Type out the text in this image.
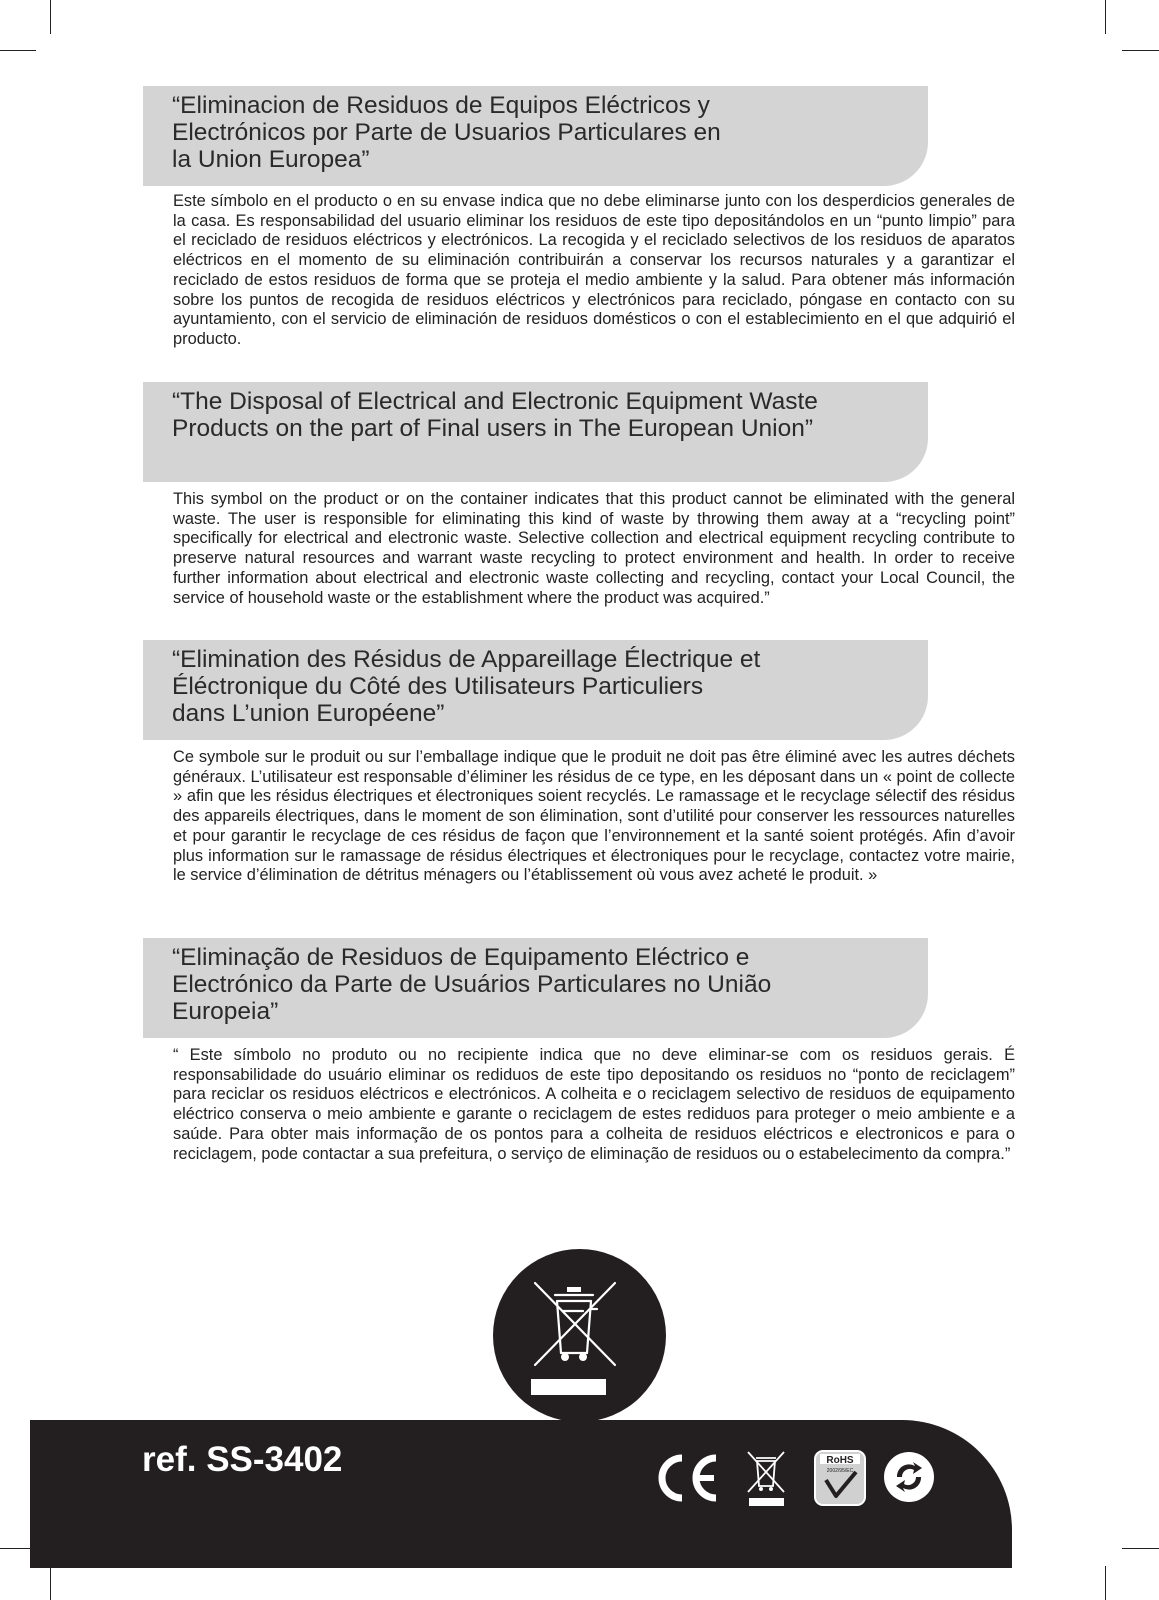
“Eliminacion de Residuos de Equipos Eléctricos y
Electrónicos por Parte de Usuarios Particulares en
la Union Europea”

Este símbolo en el producto o en su envase indica que no debe eliminarse junto con los desperdicios generales de la casa. Es responsabilidad del usuario eliminar los residuos de este tipo depositándolos en un “punto limpio” para el reciclado de residuos eléctricos y electrónicos. La recogida y el reciclado selectivos de los residuos de aparatos eléctricos en el momento de su eliminación contribuirán a conservar los recursos naturales y a garantizar el reciclado de estos residuos de forma que se proteja el medio ambiente y la salud. Para obtener más información sobre los puntos de recogida de residuos eléctricos y electrónicos para reciclado, póngase en contacto con su ayuntamiento, con el servicio de eliminación de residuos domésticos o con el establecimiento en el que adquirió el producto.

“The Disposal of Electrical and Electronic Equipment Waste
Products on the part of Final users in The European Union”

This symbol on the product or on the container indicates that this product cannot be eliminated with the general waste. The user is responsible for eliminating this kind of waste by throwing them away at a “recycling point” specifically for electrical and electronic waste. Selective collection and electrical equipment recycling contribute to preserve natural resources and warrant waste recycling to protect environment and health. In order to receive further information about electrical and electronic waste collecting and recycling, contact your Local Council, the service of household waste or the establishment where the product was acquired.”

“Elimination des Résidus de Appareillage Électrique et
Éléctronique du Côté des Utilisateurs Particuliers
dans L’union Européene”

Ce symbole sur le produit ou sur l’emballage indique que le produit ne doit pas être éliminé avec les autres déchets généraux. L’utilisateur est responsable d’éliminer les résidus de ce type, en les déposant dans un « point de collecte » afin que les résidus électriques et électroniques soient recyclés. Le ramassage et le recyclage sélectif des résidus des appareils électriques, dans le moment de son élimination, sont d’utilité pour conserver les ressources naturelles et pour garantir le recyclage de ces résidus de façon que l’environnement et la santé soient protégés. Afin d’avoir plus information sur le ramassage de résidus électriques et électroniques pour le recyclage, contactez votre mairie, le service d’élimination de détritus ménagers ou l’établissement où vous avez acheté le produit. »

“Eliminação de Residuos de Equipamento Eléctrico e
Electrónico da Parte de Usuários Particulares no União
Europeia”

“ Este símbolo no produto ou no recipiente indica que no deve eliminar-se com os residuos gerais. É responsabilidade do usuário eliminar os rediduos de este tipo depositando os residuos no “ponto de reciclagem” para reciclar os residuos eléctricos e electrónicos. A colheita e o reciclagem selectivo de residuos de equipamento eléctrico conserva o meio ambiente e garante o reciclagem de estes rediduos para proteger o meio ambiente e a saúde. Para obter mais informação de os pontos para a colheita de residuos eléctricos e electronicos e para o reciclagem, pode contactar a sua prefeitura, o serviço de eliminação de residuos ou o estabelecimento da compra.”

ref. SS-3402	RoHS
2002/95/EC
